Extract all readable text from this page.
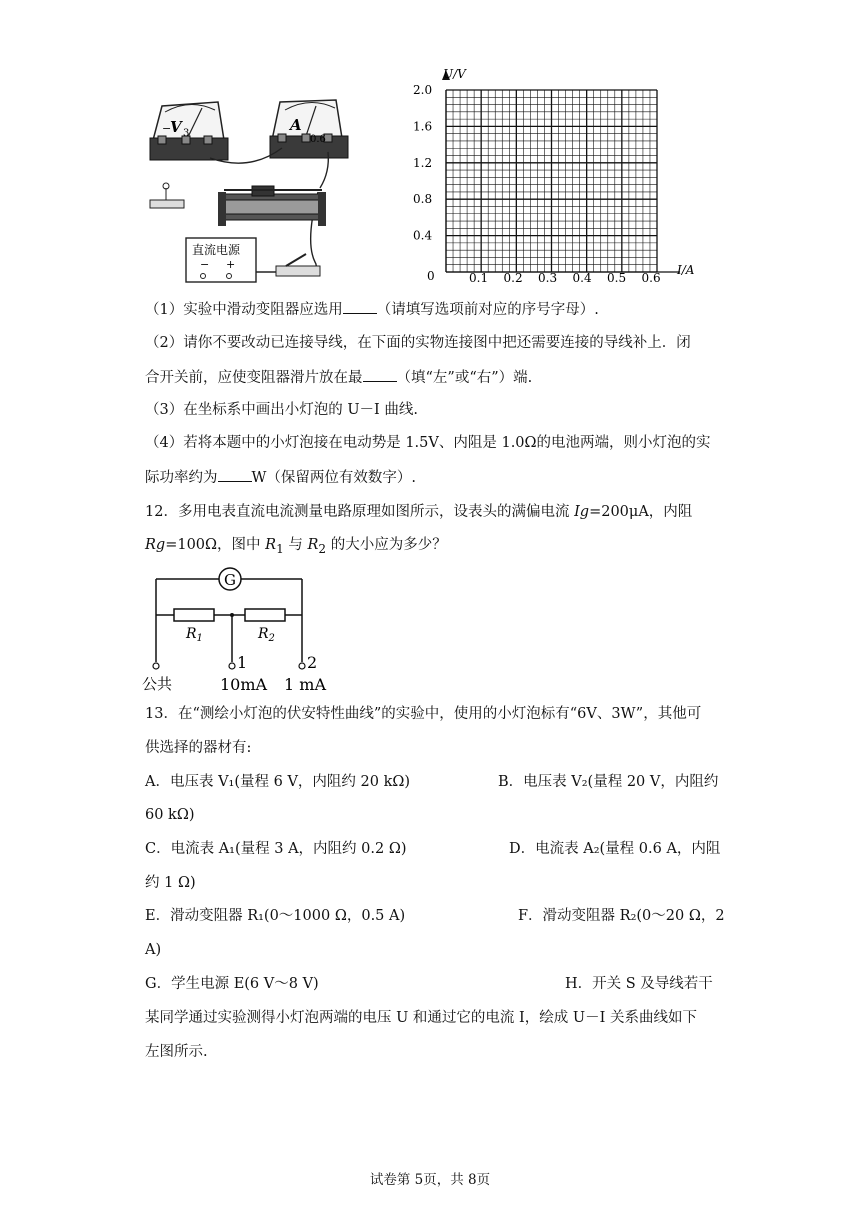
V 3
−	A
0.6
直流电源
− +
U/V
I/A
0
0.4
0.8
1.2
1.6
2.0
0.1 0.2 0.3 0.4 0.5 0.6
（1）实验中滑动变阻器应选用 （请填写选项前对应的序号字母）.
（2）请你不要改动已连接导线，在下面的实物连接图中把还需要连接的导线补上．闭
合开关前，应使变阻器滑片放在最 （填“左”或“右”）端.
（3）在坐标系中画出小灯泡的 U－I 曲线.
（4）若将本题中的小灯泡接在电动势是 1.5V、内阻是 1.0Ω的电池两端，则小灯泡的实
际功率约为 W（保留两位有效数字）.
12．多用电表直流电流测量电路原理如图所示，设表头的满偏电流 Ig=200μA，内阻
Rg=100Ω，图中 $R_1$ 与 $R_2$ 的大小应为多少？
G
$R_1$	$R_2$
1	2
公共	10mA 1 mA
13．在“测绘小灯泡的伏安特性曲线”的实验中，使用的小灯泡标有“6V、3W”，其他可
供选择的器材有:
A．电压表 V₁(量程 6 V，内阻约 20 kΩ)	B．电压表 V₂(量程 20 V，内阻约
60 kΩ)
C．电流表 A₁(量程 3 A，内阻约 0.2 Ω)	D．电流表 A₂(量程 0.6 A，内阻
约 1 Ω)
E．滑动变阻器 R₁(0～1000 Ω，0.5 A)	F．滑动变阻器 R₂(0～20 Ω，2
A)
G．学生电源 E(6 V～8 V)	H．开关 S 及导线若干
某同学通过实验测得小灯泡两端的电压 U 和通过它的电流 I，绘成 U－I 关系曲线如下
左图所示.
试卷第 5页，共 8页
